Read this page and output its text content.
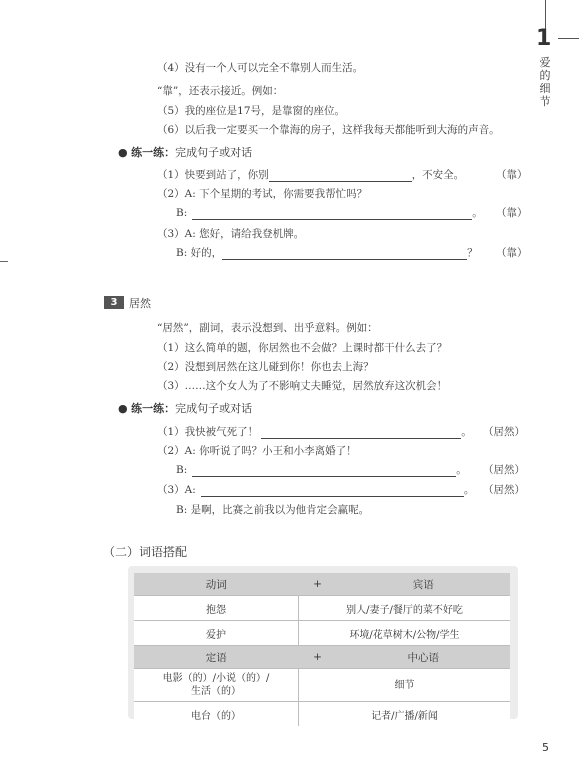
1
爱的细节
（4）没有一个人可以完全不靠别人而生活。
“靠”，还表示接近。例如：
（5）我的座位是17号，是靠窗的座位。
（6）以后我一定要买一个靠海的房子，这样我每天都能听到大海的声音。
● 练一练：完成句子或对话
（1）快要到站了，你别	，不安全。	（靠）
（2）A: 下个星期的考试，你需要我帮忙吗？
B:	。 （靠）
（3）A: 您好，请给我登机牌。
B: 好的，	？ （靠）
3	居然
“居然”，副词，表示没想到、出乎意料。例如：
（1）这么简单的题，你居然也不会做？上课时都干什么去了？
（2）没想到居然在这儿碰到你！你也去上海？
（3）……这个女人为了不影响丈夫睡觉，居然放弃这次机会！
● 练一练：完成句子或对话
（1）我快被气死了！	。 （居然）
（2）A: 你听说了吗？小王和小李离婚了！
B:	。 （居然）
（3）A:	。 （居然）
B: 是啊，比赛之前我以为他肯定会赢呢。
（二）词语搭配
动词	+	宾语
抱怨	别人/妻子/餐厅的菜不好吃	
爱护	环境/花草树木/公物/学生	
定语	+	中心语
电影（的）/小说（的）/
生活（的）	细节	
电台（的）	记者/广播/新闻	
5
